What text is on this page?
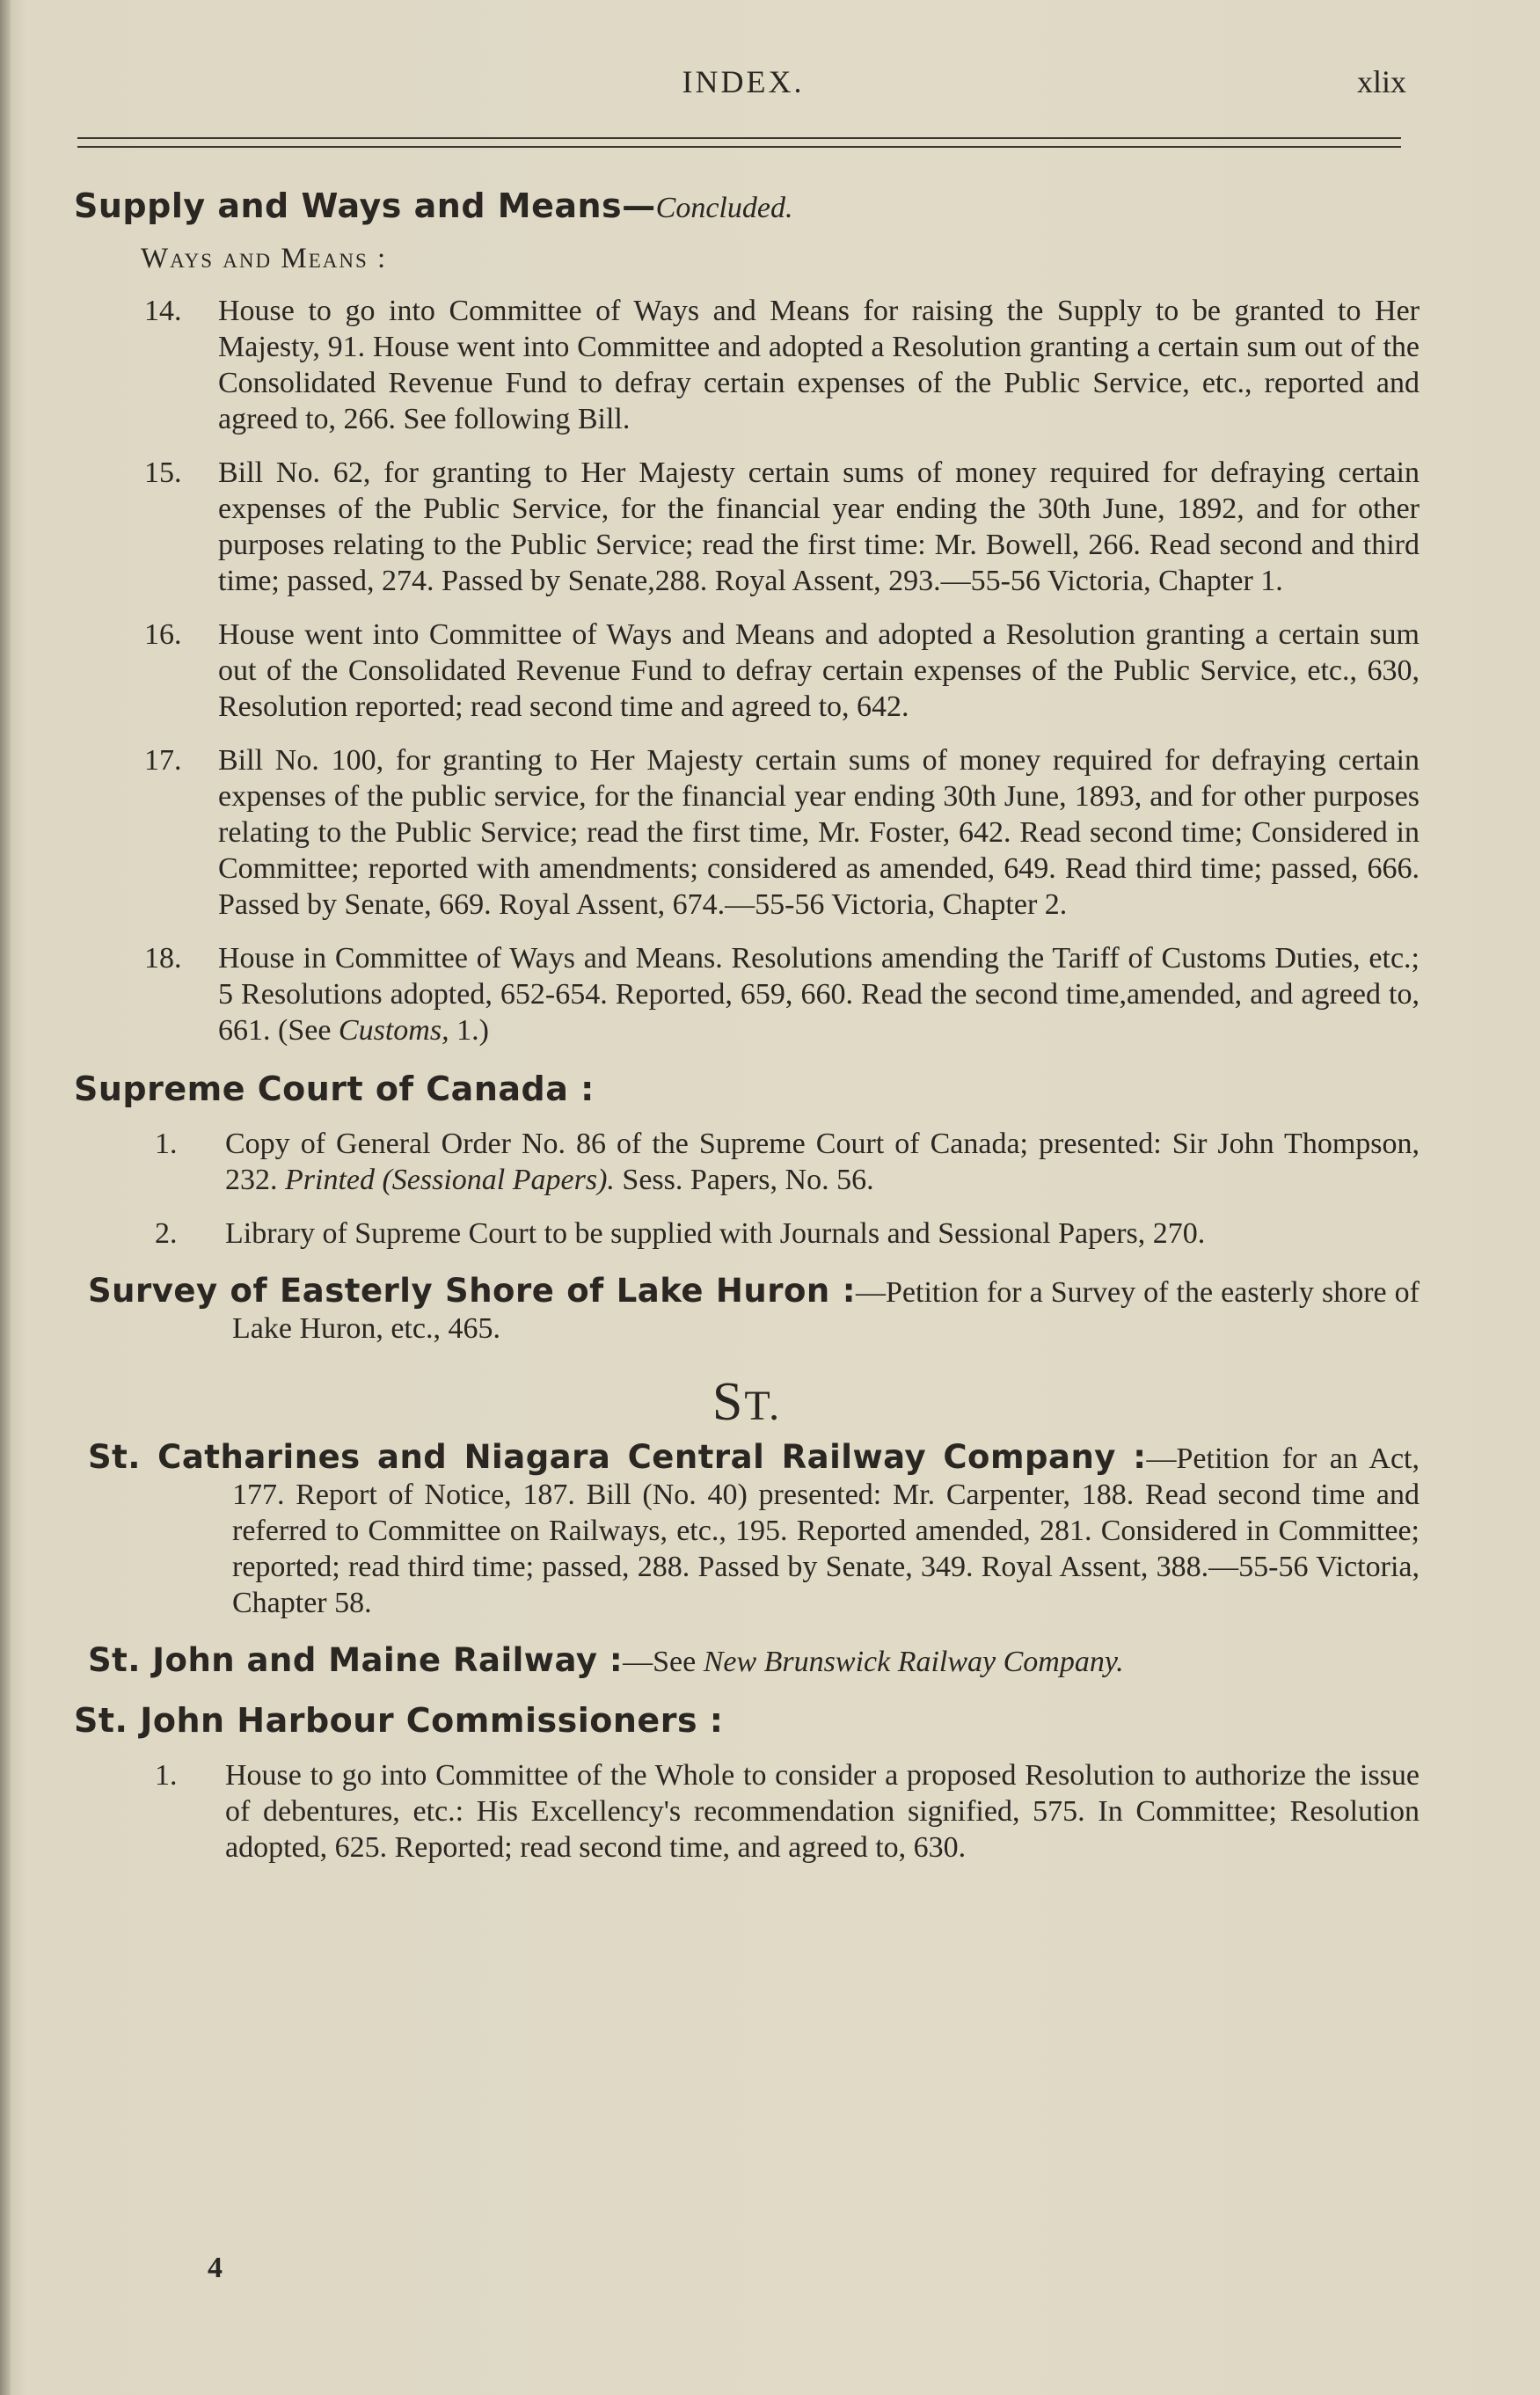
INDEX.	xlix
Supply and Ways and Means—Concluded.
Ways and Means :
14. House to go into Committee of Ways and Means for raising the Supply to be granted to Her Majesty, 91. House went into Committee and adopted a Resolution granting a certain sum out of the Consolidated Revenue Fund to defray certain expenses of the Public Service, etc., reported and agreed to, 266. See following Bill.
15. Bill No. 62, for granting to Her Majesty certain sums of money required for defraying certain expenses of the Public Service, for the financial year ending the 30th June, 1892, and for other purposes relating to the Public Service; read the first time: Mr. Bowell, 266. Read second and third time; passed, 274. Passed by Senate,288. Royal Assent, 293.—55-56 Victoria, Chapter 1.
16. House went into Committee of Ways and Means and adopted a Resolution granting a certain sum out of the Consolidated Revenue Fund to defray certain expenses of the Public Service, etc., 630, Resolution reported; read second time and agreed to, 642.
17. Bill No. 100, for granting to Her Majesty certain sums of money required for defraying certain expenses of the public service, for the financial year ending 30th June, 1893, and for other purposes relating to the Public Service; read the first time, Mr. Foster, 642. Read second time; Considered in Committee; reported with amendments; considered as amended, 649. Read third time; passed, 666. Passed by Senate, 669. Royal Assent, 674.—55-56 Victoria, Chapter 2.
18. House in Committee of Ways and Means. Resolutions amending the Tariff of Customs Duties, etc.; 5 Resolutions adopted, 652-654. Reported, 659, 660. Read the second time,amended, and agreed to, 661. (See Customs, 1.)
Supreme Court of Canada :
1. Copy of General Order No. 86 of the Supreme Court of Canada; presented: Sir John Thompson, 232. Printed (Sessional Papers). Sess. Papers, No. 56.
2. Library of Supreme Court to be supplied with Journals and Sessional Papers, 270.
Survey of Easterly Shore of Lake Huron :—Petition for a Survey of the easterly shore of Lake Huron, etc., 465.
ST.
St. Catharines and Niagara Central Railway Company :—Petition for an Act, 177. Report of Notice, 187. Bill (No. 40) presented: Mr. Carpenter, 188. Read second time and referred to Committee on Railways, etc., 195. Reported amended, 281. Considered in Committee; reported; read third time; passed, 288. Passed by Senate, 349. Royal Assent, 388.—55-56 Victoria, Chapter 58.
St. John and Maine Railway :—See New Brunswick Railway Company.
St. John Harbour Commissioners :
1. House to go into Committee of the Whole to consider a proposed Resolution to authorize the issue of debentures, etc.: His Excellency's recommendation signified, 575. In Committee; Resolution adopted, 625. Reported; read second time, and agreed to, 630.
4
